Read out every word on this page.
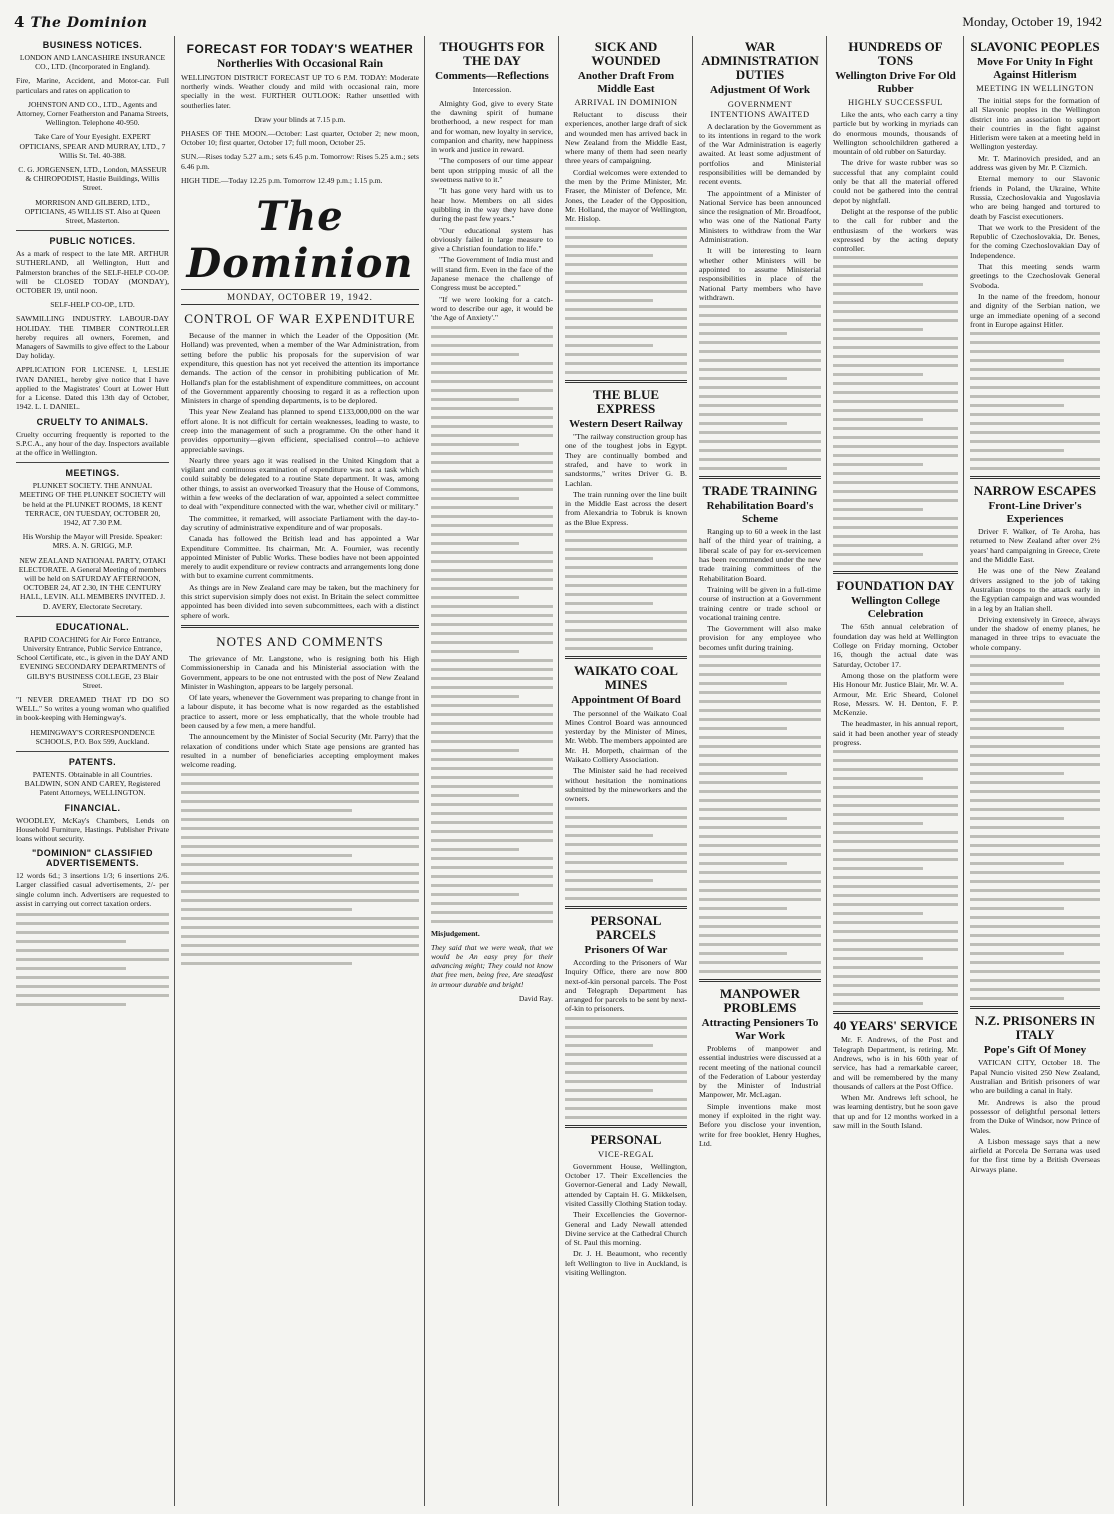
4 The Dominion	Monday, October 19, 1942
BUSINESS NOTICES.
LONDON AND LANCASHIRE INSURANCE CO., LTD. (Incorporated in England).
Fire, Marine, Accident, and Motor-car. Full particulars and rates on application to
JOHNSTON AND CO., LTD., Agents and Attorney, Corner Featherston and Panama Streets, Wellington. Telephone 40-950.
Take Care of Your Eyesight. EXPERT OPTICIANS, SPEAR AND MURRAY, LTD., 7 Willis St. Tel. 40-388.
C. G. JORGENSEN, LTD., London, MASSEUR & CHIROPODIST, Hastie Buildings, Willis Street.
MORRISON AND GILBERD, LTD., OPTICIANS, 45 WILLIS ST. Also at Queen Street, Masterton.
PUBLIC NOTICES.
As a mark of respect to the late MR. ARTHUR SUTHERLAND, all Wellington, Hutt and Palmerston branches of the SELF-HELP CO-OP. will be CLOSED TODAY (MONDAY), OCTOBER 19, until noon.
SELF-HELP CO-OP., LTD.
SAWMILLING INDUSTRY. LABOUR-DAY HOLIDAY. THE TIMBER CONTROLLER hereby requires all owners, Foremen, and Managers of Sawmills to give effect to the Labour Day holiday.
APPLICATION FOR LICENSE. I, LESLIE IVAN DANIEL, hereby give notice that I have applied to the Magistrates' Court at Lower Hutt for a License. Dated this 13th day of October, 1942. L. I. DANIEL.
CRUELTY TO ANIMALS.
Cruelty occurring frequently is reported to the S.P.C.A., any hour of the day. Inspectors available at the office in Wellington.
MEETINGS.
PLUNKET SOCIETY. THE ANNUAL MEETING OF THE PLUNKET SOCIETY will be held at the PLUNKET ROOMS, 18 KENT TERRACE, ON TUESDAY, OCTOBER 20, 1942, AT 7.30 P.M.
His Worship the Mayor will Preside. Speaker: MRS. A. N. GRIGG, M.P.
NEW ZEALAND NATIONAL PARTY, OTAKI ELECTORATE. A General Meeting of members will be held on SATURDAY AFTERNOON, OCTOBER 24, AT 2.30, IN THE CENTURY HALL, LEVIN. ALL MEMBERS INVITED. J. D. AVERY, Electorate Secretary.
EDUCATIONAL.
RAPID COACHING for Air Force Entrance, University Entrance, Public Service Entrance, School Certificate, etc., is given in the DAY AND EVENING SECONDARY DEPARTMENTS of GILBY'S BUSINESS COLLEGE, 23 Blair Street.
"I NEVER DREAMED THAT I'D DO SO WELL." So writes a young woman who qualified in book-keeping with Hemingway's.
HEMINGWAY'S CORRESPONDENCE SCHOOLS, P.O. Box 599, Auckland.
PATENTS.
PATENTS. Obtainable in all Countries. BALDWIN, SON AND CAREY, Registered Patent Attorneys, WELLINGTON.
FINANCIAL.
WOODLEY, McKay's Chambers, Lends on Household Furniture, Hastings. Publisher Private loans without security.
"DOMINION" CLASSIFIED ADVERTISEMENTS.
12 words 6d.; 3 insertions 1/3; 6 insertions 2/6. Larger classified casual advertisements, 2/- per single column inch. Advertisers are requested to assist in carrying out correct taxation orders.
FORECAST FOR TODAY'S WEATHER
Northerlies With Occasional Rain
WELLINGTON DISTRICT FORECAST UP TO 6 P.M. TODAY: Moderate northerly winds. Weather cloudy and mild with occasional rain, more specially in the west. FURTHER OUTLOOK: Rather unsettled with southerlies later.
Draw your blinds at 7.15 p.m.
PHASES OF THE MOON.—October: Last quarter, October 2; new moon, October 10; first quarter, October 17; full moon, October 25.
SUN.—Rises today 5.27 a.m.; sets 6.45 p.m. Tomorrow: Rises 5.25 a.m.; sets 6.46 p.m.
HIGH TIDE.—Today 12.25 p.m. Tomorrow 12.49 p.m.; 1.15 p.m.
The Dominion
MONDAY, OCTOBER 19, 1942.
CONTROL OF WAR EXPENDITURE
Because of the manner in which the Leader of the Opposition (Mr. Holland) was prevented, when a member of the War Administration, from setting before the public his proposals for the supervision of war expenditure, this question has not yet received the attention its importance demands. The action of the censor in prohibiting publication of Mr. Holland's plan for the establishment of expenditure committees, on account of the Government apparently choosing to regard it as a reflection upon Ministers in charge of spending departments, is to be deplored.
This year New Zealand has planned to spend £133,000,000 on the war effort alone. It is not difficult for certain weaknesses, leading to waste, to creep into the management of such a programme. On the other hand it provides opportunity—given efficient, specialised control—to achieve appreciable savings.
Nearly three years ago it was realised in the United Kingdom that a vigilant and continuous examination of expenditure was not a task which could suitably be delegated to a routine State department. It was, among other things, to assist an overworked Treasury that the House of Commons, within a few weeks of the declaration of war, appointed a select committee to deal with "expenditure connected with the war, whether civil or military."
The committee, it remarked, will associate Parliament with the day-to-day scrutiny of administrative expenditure and of war proposals.
Canada has followed the British lead and has appointed a War Expenditure Committee. Its chairman, Mr. A. Fournier, was recently appointed Minister of Public Works. These bodies have not been appointed merely to audit expenditure or review contracts and arrangements long done with but to examine current commitments.
As things are in New Zealand care may be taken, but the machinery for this strict supervision simply does not exist. In Britain the select committee appointed has been divided into seven subcommittees, each with a distinct sphere of work.
NOTES AND COMMENTS
The grievance of Mr. Langstone, who is resigning both his High Commissionership in Canada and his Ministerial association with the Government, appears to be one not entrusted with the post of New Zealand Minister in Washington, appears to be largely personal.
Of late years, whenever the Government was preparing to change front in a labour dispute, it has become what is now regarded as the established practice to assert, more or less emphatically, that the whole trouble had been caused by a few men, a mere handful.
The announcement by the Minister of Social Security (Mr. Parry) that the relaxation of conditions under which State age pensions are granted has resulted in a number of beneficiaries accepting employment makes welcome reading.
THOUGHTS FOR THE DAY
Comments—Reflections
Intercession.
Almighty God, give to every State the dawning spirit of humane brotherhood, a new respect for man and for woman, new loyalty in service, companion and charity, new happiness in work and justice in reward.
"The composers of our time appear bent upon stripping music of all the sweetness native to it."
"It has gone very hard with us to hear how. Members on all sides quibbling in the way they have done during the past few years."
"Our educational system has obviously failed in large measure to give a Christian foundation to life."
"The Government of India must and will stand firm. Even in the face of the Japanese menace the challenge of Congress must be accepted."
"If we were looking for a catch-word to describe our age, it would be 'the Age of Anxiety'."
Misjudgement.
They said that we were weak, that we would be An easy prey for their advancing might; They could not know that free men, being free, Are steadfast in armour durable and bright!
David Ray.
SICK AND WOUNDED
Another Draft From Middle East
ARRIVAL IN DOMINION
Reluctant to discuss their experiences, another large draft of sick and wounded men has arrived back in New Zealand from the Middle East, where many of them had seen nearly three years of campaigning.
Cordial welcomes were extended to the men by the Prime Minister, Mr. Fraser, the Minister of Defence, Mr. Jones, the Leader of the Opposition, Mr. Holland, the mayor of Wellington, Mr. Hislop.
THE BLUE EXPRESS
Western Desert Railway
"The railway construction group has one of the toughest jobs in Egypt. They are continually bombed and strafed, and have to work in sandstorms," writes Driver G. B. Lachlan.
The train running over the line built in the Middle East across the desert from Alexandria to Tobruk is known as the Blue Express.
WAIKATO COAL MINES
Appointment Of Board
The personnel of the Waikato Coal Mines Control Board was announced yesterday by the Minister of Mines, Mr. Webb. The members appointed are Mr. H. Morpeth, chairman of the Waikato Colliery Association.
The Minister said he had received without hesitation the nominations submitted by the mineworkers and the owners.
PERSONAL PARCELS
Prisoners Of War
According to the Prisoners of War Inquiry Office, there are now 800 next-of-kin personal parcels. The Post and Telegraph Department has arranged for parcels to be sent by next-of-kin to prisoners.
PERSONAL
VICE-REGAL
Government House, Wellington, October 17. Their Excellencies the Governor-General and Lady Newall, attended by Captain H. G. Mikkelsen, visited Cassilly Clothing Station today.
Their Excellencies the Governor-General and Lady Newall attended Divine service at the Cathedral Church of St. Paul this morning.
Dr. J. H. Beaumont, who recently left Wellington to live in Auckland, is visiting Wellington.
WAR ADMINISTRATION DUTIES
Adjustment Of Work
GOVERNMENT INTENTIONS AWAITED
A declaration by the Government as to its intentions in regard to the work of the War Administration is eagerly awaited. At least some adjustment of portfolios and Ministerial responsibilities will be demanded by recent events.
The appointment of a Minister of National Service has been announced since the resignation of Mr. Broadfoot, who was one of the National Party Ministers to withdraw from the War Administration.
It will be interesting to learn whether other Ministers will be appointed to assume Ministerial responsibilities in place of the National Party members who have withdrawn.
TRADE TRAINING
Rehabilitation Board's Scheme
Ranging up to 60 a week in the last half of the third year of training, a liberal scale of pay for ex-servicemen has been recommended under the new trade training committees of the Rehabilitation Board.
Training will be given in a full-time course of instruction at a Government training centre or trade school or vocational training centre.
The Government will also make provision for any employee who becomes unfit during training.
MANPOWER PROBLEMS
Attracting Pensioners To War Work
Problems of manpower and essential industries were discussed at a recent meeting of the national council of the Federation of Labour yesterday by the Minister of Industrial Manpower, Mr. McLagan.
Simple inventions make most money if exploited in the right way. Before you disclose your invention, write for free booklet, Henry Hughes, Ltd.
HUNDREDS OF TONS
Wellington Drive For Old Rubber
HIGHLY SUCCESSFUL
Like the ants, who each carry a tiny particle but by working in myriads can do enormous mounds, thousands of Wellington schoolchildren gathered a mountain of old rubber on Saturday.
The drive for waste rubber was so successful that any complaint could only be that all the material offered could not be gathered into the central depot by nightfall.
Delight at the response of the public to the call for rubber and the enthusiasm of the workers was expressed by the acting deputy controller.
FOUNDATION DAY
Wellington College Celebration
The 65th annual celebration of foundation day was held at Wellington College on Friday morning, October 16, though the actual date was Saturday, October 17.
Among those on the platform were His Honour Mr. Justice Blair, Mr. W. A. Armour, Mr. Eric Sheard, Colonel Rose, Messrs. W. H. Denton, F. P. McKenzie.
The headmaster, in his annual report, said it had been another year of steady progress.
40 YEARS' SERVICE
Mr. F. Andrews, of the Post and Telegraph Department, is retiring. Mr. Andrews, who is in his 60th year of service, has had a remarkable career, and will be remembered by the many thousands of callers at the Post Office.
When Mr. Andrews left school, he was learning dentistry, but he soon gave that up and for 12 months worked in a saw mill in the South Island.
SLAVONIC PEOPLES
Move For Unity In Fight Against Hitlerism
MEETING IN WELLINGTON
The initial steps for the formation of all Slavonic peoples in the Wellington district into an association to support their countries in the fight against Hitlerism were taken at a meeting held in Wellington yesterday.
Mr. T. Marinovich presided, and an address was given by Mr. P. Cizmich.
Eternal memory to our Slavonic friends in Poland, the Ukraine, White Russia, Czechoslovakia and Yugoslavia who are being hanged and tortured to death by Fascist executioners.
That we work to the President of the Republic of Czechoslovakia, Dr. Benes, for the coming Czechoslovakian Day of Independence.
That this meeting sends warm greetings to the Czechoslovak General Svoboda.
In the name of the freedom, honour and dignity of the Serbian nation, we urge an immediate opening of a second front in Europe against Hitler.
NARROW ESCAPES
Front-Line Driver's Experiences
Driver F. Walker, of Te Aroha, has returned to New Zealand after over 2½ years' hard campaigning in Greece, Crete and the Middle East.
He was one of the New Zealand drivers assigned to the job of taking Australian troops to the attack early in the Egyptian campaign and was wounded in a leg by an Italian shell.
Driving extensively in Greece, always under the shadow of enemy planes, he managed in three trips to evacuate the whole company.
N.Z. PRISONERS IN ITALY
Pope's Gift Of Money
VATICAN CITY, October 18. The Papal Nuncio visited 250 New Zealand, Australian and British prisoners of war who are building a canal in Italy.
Mr. Andrews is also the proud possessor of delightful personal letters from the Duke of Windsor, now Prince of Wales.
A Lisbon message says that a new airfield at Porcela De Serrana was used for the first time by a British Overseas Airways plane.
